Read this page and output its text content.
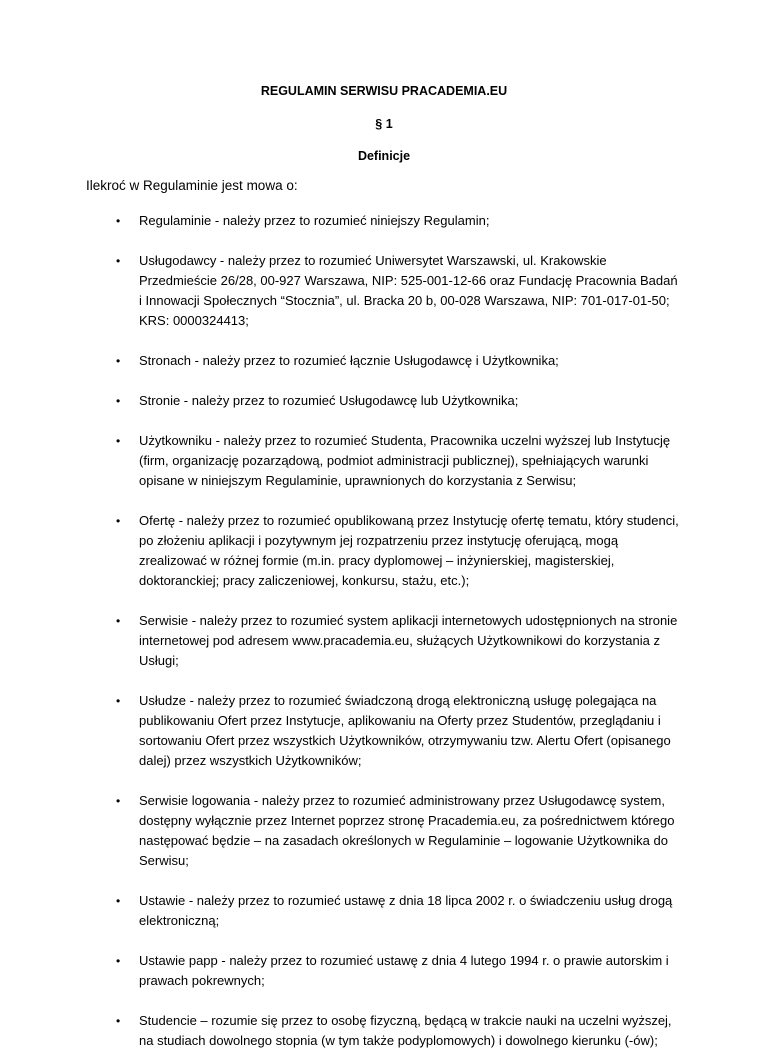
REGULAMIN SERWISU PRACADEMIA.EU
§ 1
Definicje

Ilekroć w Regulaminie jest mowa o:

• Regulaminie - należy przez to rozumieć niniejszy Regulamin;
• Usługodawcy - należy przez to rozumieć Uniwersytet Warszawski, ul. Krakowskie Przedmieście 26/28, 00-927 Warszawa, NIP: 525-001-12-66 oraz Fundację Pracownia Badań i Innowacji Społecznych “Stocznia”, ul. Bracka 20 b, 00-028 Warszawa, NIP: 701-017-01-50; KRS: 0000324413;
• Stronach - należy przez to rozumieć łącznie Usługodawcę i Użytkownika;
• Stronie - należy przez to rozumieć Usługodawcę lub Użytkownika;
• Użytkowniku - należy przez to rozumieć Studenta, Pracownika uczelni wyższej lub Instytucję (firm, organizację pozarządową, podmiot administracji publicznej), spełniających warunki opisane w niniejszym Regulaminie, uprawnionych do korzystania z Serwisu;
• Ofertę - należy przez to rozumieć opublikowaną przez Instytucję ofertę tematu, który studenci, po złożeniu aplikacji i pozytywnym jej rozpatrzeniu przez instytucję oferującą, mogą zrealizować w różnej formie (m.in. pracy dyplomowej – inżynierskiej, magisterskiej, doktoranckiej; pracy zaliczeniowej, konkursu, stażu, etc.);
• Serwisie - należy przez to rozumieć system aplikacji internetowych udostępnionych na stronie internetowej pod adresem www.pracademia.eu, służących Użytkownikowi do korzystania z Usługi;
• Usłudze - należy przez to rozumieć świadczoną drogą elektroniczną usługę polegająca na publikowaniu Ofert przez Instytucje, aplikowaniu na Oferty przez Studentów, przeglądaniu i sortowaniu Ofert przez wszystkich Użytkowników, otrzymywaniu tzw. Alertu Ofert (opisanego dalej) przez wszystkich Użytkowników;
• Serwisie logowania - należy przez to rozumieć administrowany przez Usługodawcę system, dostępny wyłącznie przez Internet poprzez stronę Pracademia.eu, za pośrednictwem którego następować będzie – na zasadach określonych w Regulaminie – logowanie Użytkownika do Serwisu;
• Ustawie - należy przez to rozumieć ustawę z dnia 18 lipca 2002 r. o świadczeniu usług drogą elektroniczną;
• Ustawie papp - należy przez to rozumieć ustawę z dnia 4 lutego 1994 r. o prawie autorskim i prawach pokrewnych;
• Studencie – rozumie się przez to osobę fizyczną, będącą w trakcie nauki na uczelni wyższej, na studiach dowolnego stopnia (w tym także podyplomowych) i dowolnego kierunku (-ów);
